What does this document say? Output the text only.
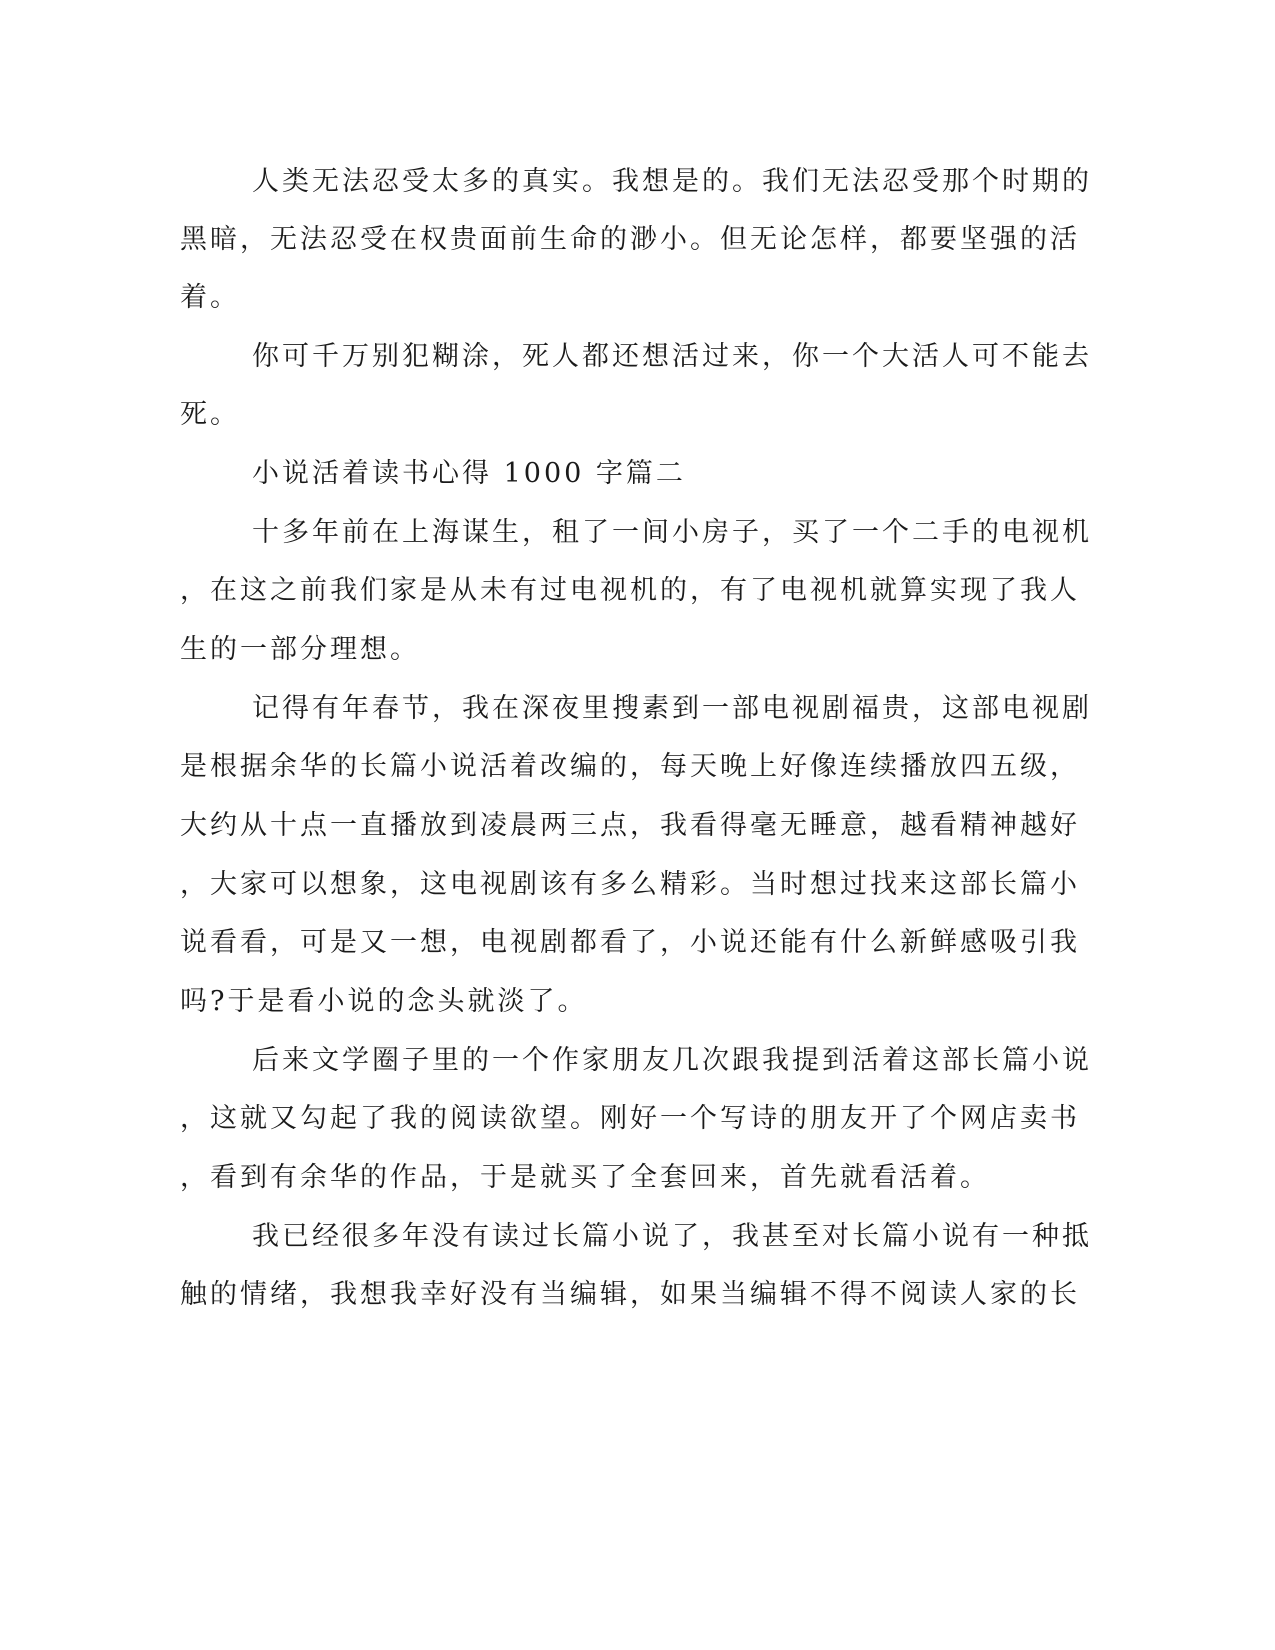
人类无法忍受太多的真实。我想是的。我们无法忍受那个时期的
黑暗，无法忍受在权贵面前生命的渺小。但无论怎样，都要坚强的活
着。
你可千万别犯糊涂，死人都还想活过来，你一个大活人可不能去
死。
小说活着读书心得 1000 字篇二
十多年前在上海谋生，租了一间小房子，买了一个二手的电视机
，在这之前我们家是从未有过电视机的，有了电视机就算实现了我人
生的一部分理想。
记得有年春节，我在深夜里搜素到一部电视剧福贵，这部电视剧
是根据余华的长篇小说活着改编的，每天晚上好像连续播放四五级，
大约从十点一直播放到凌晨两三点，我看得毫无睡意，越看精神越好
，大家可以想象，这电视剧该有多么精彩。当时想过找来这部长篇小
说看看，可是又一想，电视剧都看了，小说还能有什么新鲜感吸引我
吗?于是看小说的念头就淡了。
后来文学圈子里的一个作家朋友几次跟我提到活着这部长篇小说
，这就又勾起了我的阅读欲望。刚好一个写诗的朋友开了个网店卖书
，看到有余华的作品，于是就买了全套回来，首先就看活着。
我已经很多年没有读过长篇小说了，我甚至对长篇小说有一种抵
触的情绪，我想我幸好没有当编辑，如果当编辑不得不阅读人家的长
